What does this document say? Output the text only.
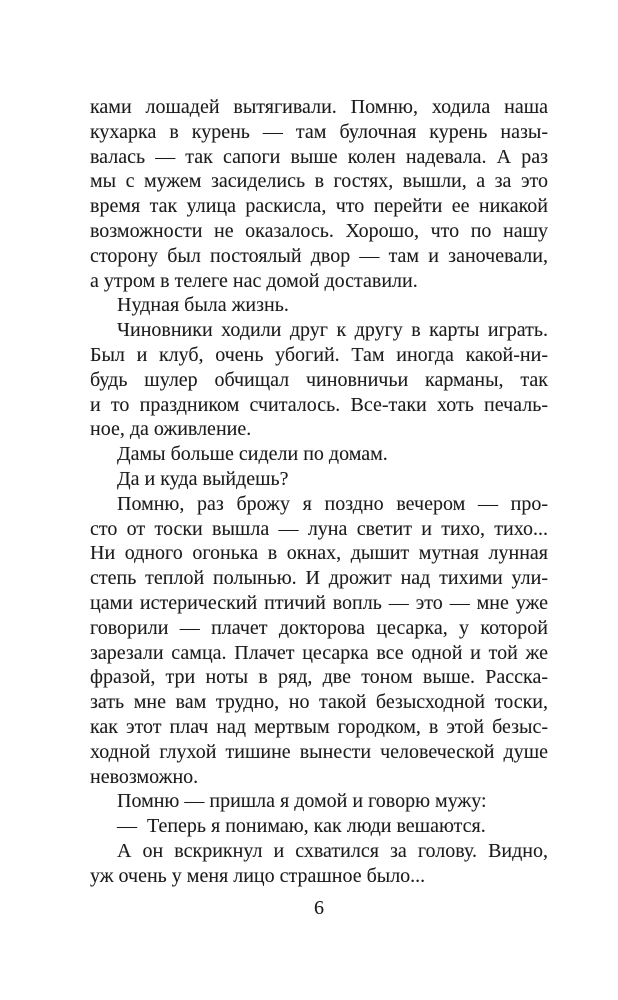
ками лошадей вытягивали. Помню, ходила наша
кухарка в курень — там булочная курень назы-
валась — так сапоги выше колен надевала. А раз
мы с мужем засиделись в гостях, вышли, а за это
время так улица раскисла, что перейти ее никакой
возможности не оказалось. Хорошо, что по нашу
сторону был постоялый двор — там и заночевали,
а утром в телеге нас домой доставили.
Нудная была жизнь.
Чиновники ходили друг к другу в карты играть.
Был и клуб, очень убогий. Там иногда какой-ни-
будь шулер обчищал чиновничьи карманы, так
и то праздником считалось. Все-таки хоть печаль-
ное, да оживление.
Дамы больше сидели по домам.
Да и куда выйдешь?
Помню, раз брожу я поздно вечером — про-
сто от тоски вышла — луна светит и тихо, тихо...
Ни одного огонька в окнах, дышит мутная лунная
степь теплой полынью. И дрожит над тихими ули-
цами истерический птичий вопль — это — мне уже
говорили — плачет докторова цесарка, у которой
зарезали самца. Плачет цесарка все одной и той же
фразой, три ноты в ряд, две тоном выше. Расска-
зать мне вам трудно, но такой безысходной тоски,
как этот плач над мертвым городком, в этой безыс-
ходной глухой тишине вынести человеческой душе
невозможно.
Помню — пришла я домой и говорю мужу:
— Теперь я понимаю, как люди вешаются.
А он вскрикнул и схватился за голову. Видно,
уж очень у меня лицо страшное было...
6
